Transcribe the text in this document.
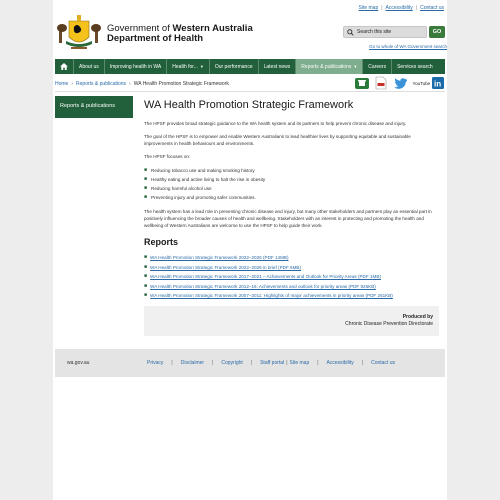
Site map | Accessibility | Contact us
Government of Western Australia
Department of Health
Search this site
GO
Go to whole of WA Government search
About us Improving health in WA Health for... ▼ Our performance Latest news Reports & publications ▼ Careers Services search
Home › Reports & publications › WA Health Promotion Strategic Framework	YouTube in
Reports & publications	WA Health Promotion Strategic Framework

The HPSF provides broad strategic guidance to the WA health system and its partners to help prevent chronic disease and injury.

The goal of the HPSF is to empower and enable Western Australians to lead healthier lives by supporting equitable and sustainable improvements in health behaviours and environments.

The HPSF focuses on:

■ Reducing tobacco use and making smoking history
■ Healthy eating and active living to halt the rise in obesity
■ Reducing harmful alcohol use
■ Preventing injury and promoting safer communities.

The health system has a lead role in preventing chronic disease and injury, but many other stakeholders and partners play an essential part in positively influencing the broader causes of health and wellbeing. Stakeholders with an interest in protecting and promoting the health and wellbeing of Western Australians are welcome to use the HPSF to help guide their work.

Reports
■ WA Health Promotion Strategic Framework 2022–2026 (PDF 14MB)
■ WA Health Promotion Strategic Framework 2022–2026 in brief (PDF 6MB)
■ WA Health Promotion Strategic Framework 2017–2021 – Achievements and Outlook for Priority Areas (PDF 1MB)
■ WA Health Promotion Strategic Framework 2012–16: Achievements and outlook for priority areas (PDF 925KB)
■ WA Health Promotion Strategic Framework 2007–2011: Highlights of major achievements in priority areas (PDF 261KB)
Produced by
Chronic Disease Prevention Directorate
wa.gov.au	Privacy | Disclaimer | Copyright | Staff portal | Site map | Accessibility | Contact us
